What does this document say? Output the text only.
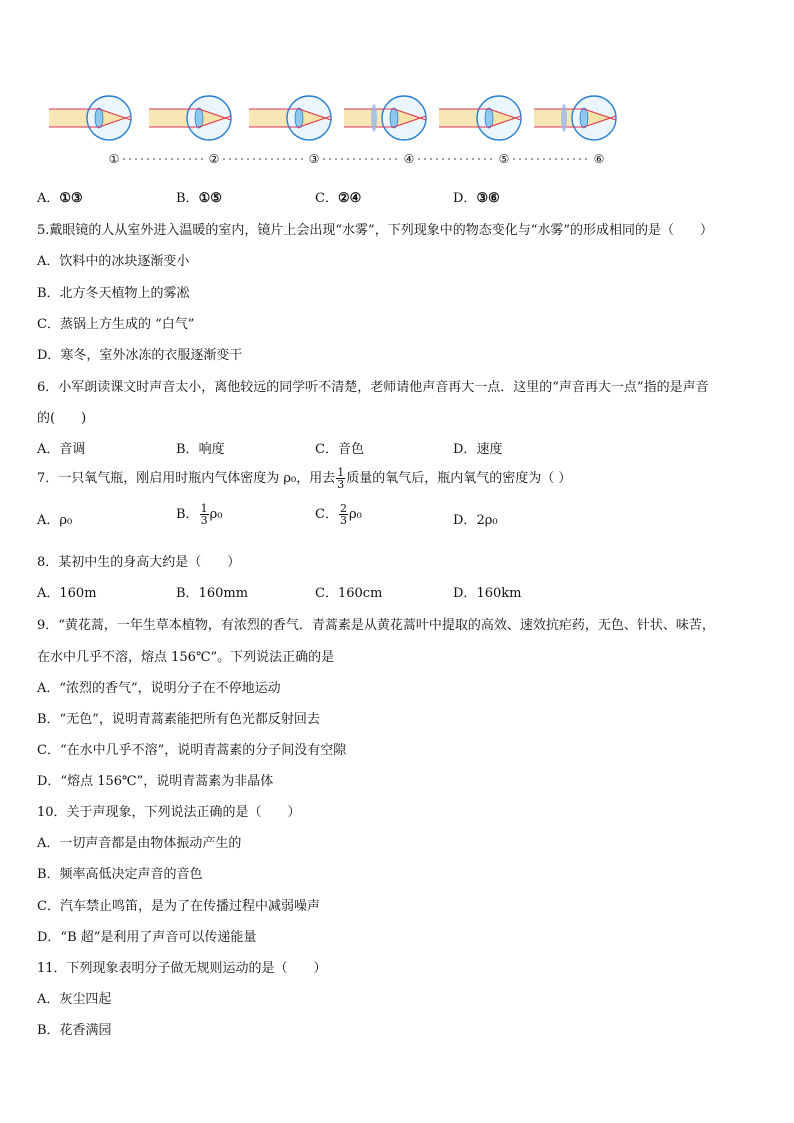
①	②	③	④	⑤	⑥
A．①③	B．①⑤	C．②④	D．③⑥
5.戴眼镜的人从室外进入温暖的室内，镜片上会出现“水雾”，下列现象中的物态变化与“水雾”的形成相同的是（　　）
A．饮料中的冰块逐渐变小
B．北方冬天植物上的雾凇
C．蒸锅上方生成的 “白气”
D．寒冬，室外冰冻的衣服逐渐变干
6．小军朗读课文时声音太小，离他较远的同学听不清楚，老师请他声音再大一点．这里的“声音再大一点”指的是声音
的(　　)
A．音调	B．响度	C．音色	D．速度
7．一只氧气瓶，刚启用时瓶内气体密度为 ρ₀，用去 $\frac{1}{3}$ 质量的氧气后，瓶内氧气的密度为（ ）
A．ρ₀	B． $\frac{1}{3} \rho_0$	C． $\frac{2}{3} \rho_0$	D．2ρ₀
8．某初中生的身高大约是（　　）
A．160m	B．160mm	C．160cm	D．160km
9．“黄花蒿，一年生草本植物，有浓烈的香气．青蒿素是从黄花蒿叶中提取的高效、速效抗疟药，无色、针状、味苦，
在水中几乎不溶，熔点 156℃”。下列说法正确的是
A．“浓烈的香气”，说明分子在不停地运动
B．“无色”，说明青蒿素能把所有色光都反射回去
C．“在水中几乎不溶”，说明青蒿素的分子间没有空隙
D．“熔点 156℃”，说明青蒿素为非晶体
10．关于声现象，下列说法正确的是（　　）
A．一切声音都是由物体振动产生的
B．频率高低决定声音的音色
C．汽车禁止鸣笛，是为了在传播过程中减弱噪声
D．“B 超”是利用了声音可以传递能量
11．下列现象表明分子做无规则运动的是（　　）
A．灰尘四起
B．花香满园
